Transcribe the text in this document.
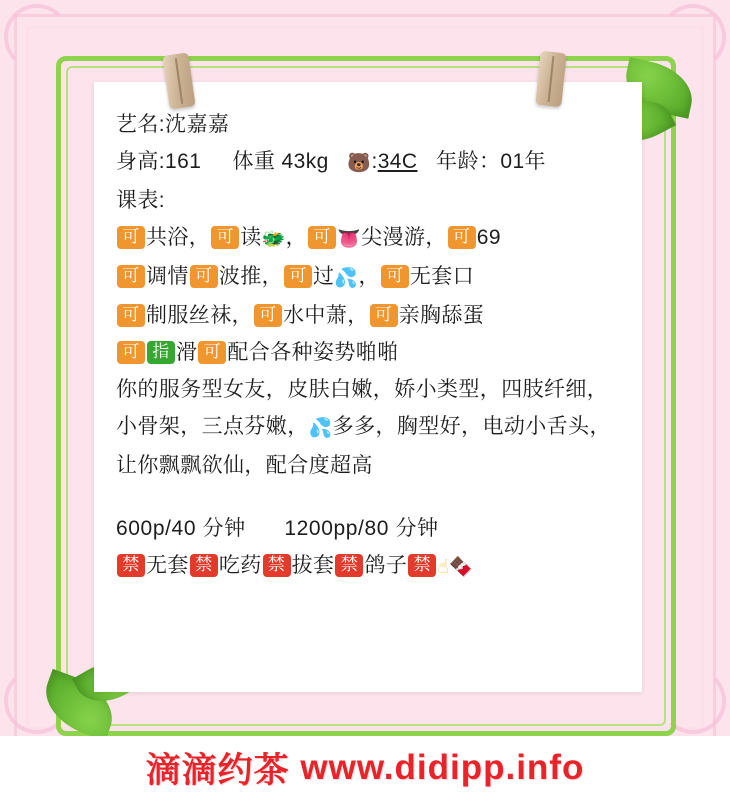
艺名:沈嘉嘉
身高:161 体重 43kg 🐻:34C 年龄：01年
课表:
可 共浴， 可 读🐲， 可 👅尖漫游， 可 69
可 调情 可 波推， 可 过💦， 可 无套口
可 制服丝袜， 可 水中萧， 可 亲胸舔蛋
可 指 滑 可 配合各种姿势啪啪
你的服务型女友，皮肤白嫩，娇小类型，四肢纤细，小骨架，三点芬嫩，💦多多，胸型好，电动小舌头，让你飘飘欲仙，配合度超高
600p/40 分钟 1200pp/80 分钟
禁 无套 禁 吃药 禁 拔套 禁 鸽子 禁 ☝🍫
滴滴约茶
www.didipp.info
